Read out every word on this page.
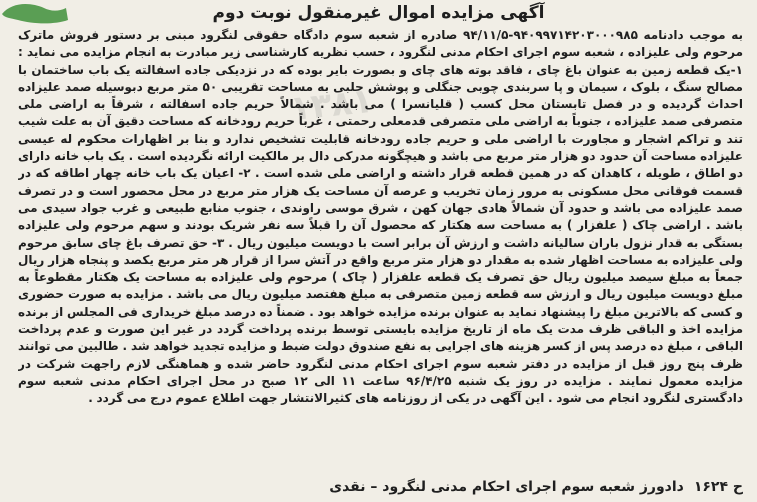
آگهی مزایده اموال غیرمنقول نوبت دوم
۱۳۸۱
به موجب دادنامه ۹۴۰۹۹۷۱۴۲۰۳۰۰۰۹۸۵-۹۴/۱۱/۵ صادره از شعبه سوم دادگاه حقوقی لنگرود مبنی بر دستور فروش ماترک مرحوم ولی علیزاده ، شعبه سوم اجرای احکام مدنی لنگرود ، حسب نظریه کارشناسی زیر مبادرت به انجام مزایده می نماید : ۱-یک قطعه زمین به عنوان باغ چای ، فاقد بوته های چای و بصورت بایر بوده که در نزدیکی جاده اسفالته یک باب ساختمان با مصالح سنگ ، بلوک ، سیمان و پا سربندی چوبی جنگلی و پوشش حلبی به مساحت تقریبی ۵۰ متر مربع دبوسیله صمد علیزاده احداث گردیده و در فصل تابستان محل کسب ( قلیانسرا ) می باشد . شمالاً حریم جاده اسفالته ، شرقاً به اراضی ملی متصرفی صمد علیزاده ، جنوباً به اراضی ملی متصرفی قدمعلی رحمتی ، غرباً حریم رودخانه که مساحت دقیق آن به علت شیب تند و تراکم اشجار و مجاورت با اراضی ملی و حریم جاده رودخانه قابلیت تشخیص ندارد و بنا بر اظهارات محکوم له عیسی علیزاده مساحت آن حدود دو هزار متر مربع می باشد و هیچگونه مدرکی دال بر مالکیت ارائه نگردیده است . یک باب خانه دارای دو اطاق ، طویله ، کاهدان که در همین قطعه قرار داشته و اراضی ملی شده است . ۲- اعیان یک باب خانه چهار اطاقه که در قسمت فوقانی محل مسکونی به مرور زمان تخریب و عرصه آن مساحت یک هزار متر مربع در محل محصور است و در تصرف صمد علیزاده می باشد و حدود آن شمالاً هادی جهان کهن ، شرق موسی راوندی ، جنوب منابع طبیعی و غرب جواد سیدی می باشد . اراضی چاک ( علفزار ) به مساحت سه هکتار که محصول آن را قبلاً سه نفر شریک بودند و سهم مرحوم ولی علیزاده بستگی به قدار نزول باران سالیانه داشت و ارزش آن برابر است با دویست میلیون ریال . ۳- حق تصرف باغ چای سابق مرحوم ولی علیزاده به مساحت اظهار شده به مقدار دو هزار متر مربع واقع در آتش سرا از قرار هر متر مربع یکصد و پنجاه هزار ریال جمعاً به مبلغ سیصد میلیون ریال حق تصرف یک قطعه علفزار ( چاک ) مرحوم ولی علیزاده به مساحت یک هکتار مقطوعاً به مبلغ دویست میلیون ریال و ارزش سه قطعه زمین متصرفی به مبلغ هفتصد میلیون ریال می باشد . مزایده به صورت حضوری و کسی که بالاترین مبلغ را پیشنهاد نماید به عنوان برنده مزایده خواهد بود . ضمناً ده درصد مبلغ خریداری فی المجلس از برنده مزایده اخذ و الباقی ظرف مدت یک ماه از تاریخ مزایده بایستی توسط برنده پرداخت گردد در غیر این صورت و عدم پرداخت الباقی ، مبلغ ده درصد پس از کسر هزینه های اجرایی به نفع صندوق دولت ضبط و مزایده تجدید خواهد شد . طالبین می توانند ظرف پنج روز قبل از مزایده در دفتر شعبه سوم اجرای احکام مدنی لنگرود حاضر شده و هماهنگی لازم راجهت شرکت در مزایده معمول نمایند . مزایده در روز یک شنبه ۹۶/۴/۲۵ ساعت ۱۱ الی ۱۲ صبح در محل اجرای احکام مدنی شعبه سوم دادگستری لنگرود انجام می شود . این آگهی در یکی از روزنامه های کثیرالانتشار جهت اطلاع عموم درج می گردد .
ح ۱۶۲۴
دادورز شعبه سوم اجرای احکام مدنی لنگرود – نقدی
